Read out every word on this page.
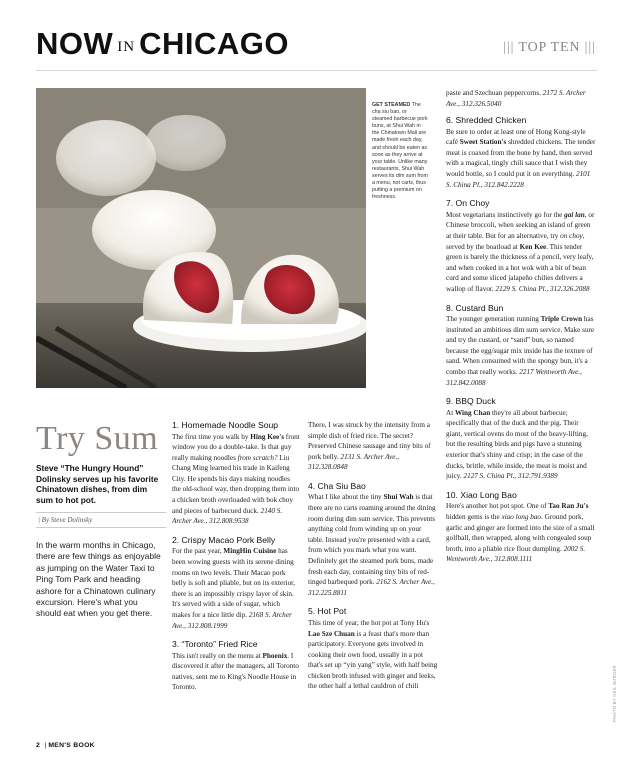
NOW IN CHICAGO	||| TOP TEN |||
GET STEAMED The cha siu bao, or steamed barbecue pork buns, at Shui Wah in the Chinatown Mall are made fresh each day, and should be eaten as soon as they arrive at your table. Unlike many restaurants, Shui Wah serves its dim sum from a menu, not carts, thus putting a premium on freshness.
Try Sum
Steve “The Hungry Hound” Dolinsky serves up his favorite Chinatown dishes, from dim sum to hot pot.
| By Steve Dolinsky
In the warm months in Chicago, there are few things as enjoyable as jumping on the Water Taxi to Ping Tom Park and heading ashore for a Chinatown culinary excursion. Here's what you should eat when you get there.
1. Homemade Noodle Soup

The first time you walk by Hing Kee's front window you do a double-take. Is that guy really making noodles from scratch? Liu Chang Ming learned his trade in Kaifeng City. He spends his days making noodles the old-school way, then dropping them into a chicken broth overloaded with bok choy and pieces of barbecued duck. 2140 S. Archer Ave., 312.808.9538

2. Crispy Macao Pork Belly

For the past year, MingHin Cuisine has been wowing guests with its serene dining rooms on two levels. Their Macao pork belly is soft and pliable, but on its exterior, there is an impossibly crispy layer of skin. It's served with a side of sugar, which makes for a nice little dip. 2168 S. Archer Ave., 312.808.1999

3. “Toronto” Fried Rice

This isn't really on the menu at Phoenix. I discovered it after the managers, all Toronto natives, sent me to King's Noodle House in Toronto.

There, I was struck by the intensity from a simple dish of fried rice. The secret? Preserved Chinese sausage and tiny bits of pork belly. 2131 S. Archer Ave., 312.328.0848

4. Cha Siu Bao

What I like about the tiny Shui Wah is that there are no carts roaming around the dining room during dim sum service. This prevents anything cold from winding up on your table. Instead you're presented with a card, from which you mark what you want. Definitely get the steamed pork buns, made fresh each day, containing tiny bits of red-tinged barbequed pork. 2162 S. Archer Ave., 312.225.8811

5. Hot Pot

This time of year, the hot pot at Tony Hu's Lao Sze Chuan is a feast that's more than participatory. Everyone gets involved in cooking their own food, usually in a pot that's set up “yin yang” style, with half being chicken broth infused with ginger and leeks, the other half a lethal cauldron of chili

paste and Szechuan peppercorns. 2172 S. Archer Ave., 312.326.5040

6. Shredded Chicken

Be sure to order at least one of Hong Kong-style café Sweet Station's shredded chickens. The tender meat is coaxed from the bone by hand, then served with a magical, tingly chili sauce that I wish they would bottle, so I could put it on everything. 2101 S. China Pl., 312.842.2228

7. On Choy

Most vegetarians instinctively go for the gai lan, or Chinese broccoli, when seeking an island of green at their table. But for an alternative, try on choy, served by the boatload at Ken Kee. This tender green is barely the thickness of a pencil, very leafy, and when cooked in a hot wok with a bit of bean curd and some sliced jalapeño chilies delivers a wallop of flavor. 2129 S. China Pl., 312.326.2088

8. Custard Bun

The younger generation running Triple Crown has instituted an ambitious dim sum service. Make sure and try the custard, or “sand” bun, so named because the egg/sugar mix inside has the texture of sand. When consumed with the spongy bun, it's a combo that really works. 2217 Wentworth Ave., 312.842.0088

9. BBQ Duck

At Wing Chan they're all about barbecue; specifically that of the duck and the pig. Their giant, vertical ovens do most of the heavy-lifting, but the resulting birds and pigs have a stunning exterior that's shiny and crisp; in the case of the ducks, brittle, while inside, the meat is moist and juicy. 2127 S. China Pl., 312.791.9389

10. Xiao Long Bao

Here's another hot pot spot. One of Tao Ran Ju's hidden gems is the xiao long bao. Ground pork, garlic and ginger are formed into the size of a small golfball, then wrapped, along with congealed soup broth, into a pliable rice flour dumpling. 2002 S. Wentworth Ave., 312.808.1111

2 | MEN'S BOOK
PHOTO BY NEIL BURGER
